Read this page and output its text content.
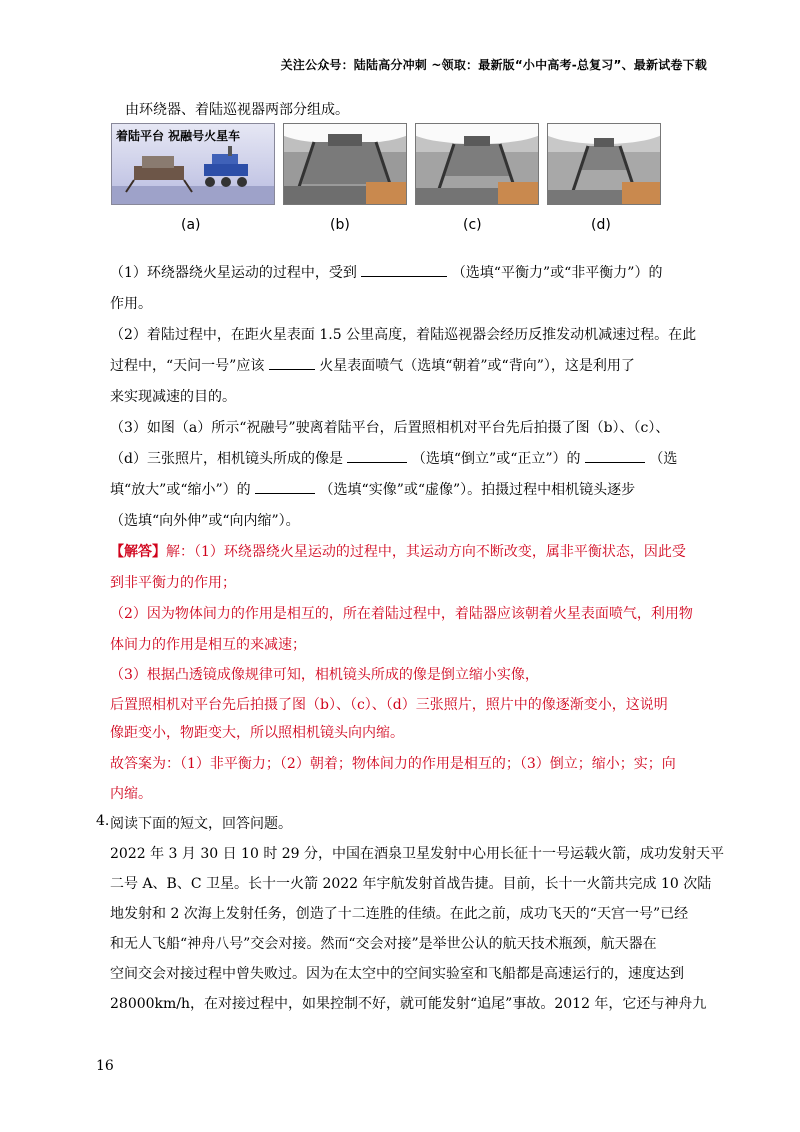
关注公众号：陆陆高分冲刺 ~领取：最新版“小中高考-总复习”、最新试卷下载
由环绕器、着陆巡视器两部分组成。
着陆平台 祝融号火星车
(a)	(b)	(c)	(d)
（1）环绕器绕火星运动的过程中，受到	（选填“平衡力”或“非平衡力”）的
作用。
（2）着陆过程中，在距火星表面 1.5 公里高度，着陆巡视器会经历反推发动机减速过程。在此
过程中，“天问一号”应该	火星表面喷气（选填“朝着”或“背向”），这是利用了
来实现减速的目的。
（3）如图（a）所示“祝融号”驶离着陆平台，后置照相机对平台先后拍摄了图（b）、（c）、
（d）三张照片，相机镜头所成的像是	（选填“倒立”或“正立”）的	（选
填“放大”或“缩小”）的	（选填“实像”或“虚像”）。拍摄过程中相机镜头逐步
（选填“向外伸”或“向内缩”）。
【解答】解：（1）环绕器绕火星运动的过程中，其运动方向不断改变，属非平衡状态，因此受
到非平衡力的作用；
（2）因为物体间力的作用是相互的，所在着陆过程中，着陆器应该朝着火星表面喷气，利用物
体间力的作用是相互的来减速；
（3）根据凸透镜成像规律可知，相机镜头所成的像是倒立缩小实像，
后置照相机对平台先后拍摄了图（b）、（c）、（d）三张照片，照片中的像逐渐变小，这说明
像距变小，物距变大，所以照相机镜头向内缩。
故答案为：（1）非平衡力；（2）朝着；物体间力的作用是相互的；（3）倒立；缩小；实；向
内缩。
4. 阅读下面的短文，回答问题。
2022 年 3 月 30 日 10 时 29 分，中国在酒泉卫星发射中心用长征十一号运载火箭，成功发射天平
二号 A、B、C 卫星。长十一火箭 2022 年宇航发射首战告捷。目前，长十一火箭共完成 10 次陆
地发射和 2 次海上发射任务，创造了十二连胜的佳绩。在此之前，成功飞天的“天宫一号”已经
和无人飞船“神舟八号”交会对接。然而“交会对接”是举世公认的航天技术瓶颈，航天器在
空间交会对接过程中曾失败过。因为在太空中的空间实验室和飞船都是高速运行的，速度达到
28000km/h，在对接过程中，如果控制不好，就可能发射“追尾”事故。2012 年，它还与神舟九
16
